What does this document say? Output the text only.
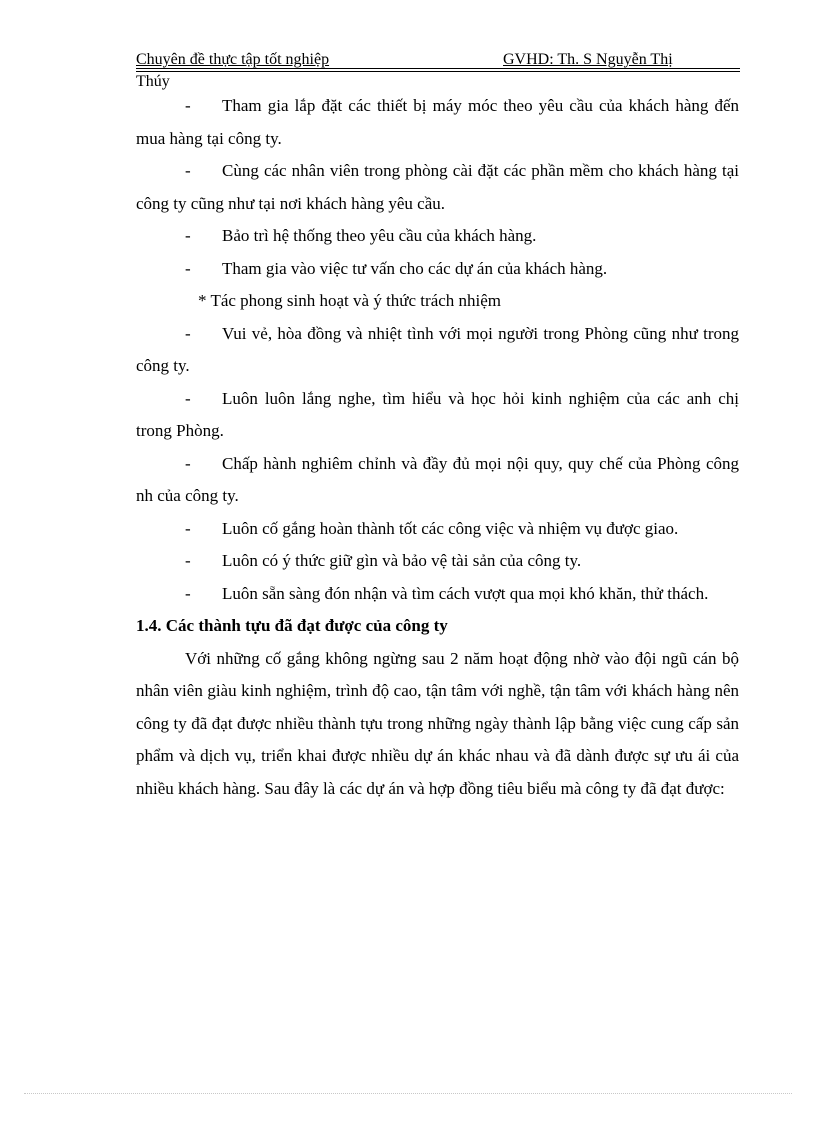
Chuyên đề thực tập tốt nghiệp	GVHD: Th. S Nguyễn Thị
Thúy

- Tham gia lắp đặt các thiết bị máy móc theo yêu cầu của khách hàng đến mua hàng tại công ty.

- Cùng các nhân viên trong phòng cài đặt các phần mềm cho khách hàng tại công ty cũng như tại nơi khách hàng yêu cầu.

- Bảo trì hệ thống theo yêu cầu của khách hàng.

- Tham gia vào việc tư vấn cho các dự án của khách hàng.

* Tác phong sinh hoạt và ý thức trách nhiệm

- Vui vẻ, hòa đồng và nhiệt tình với mọi người trong Phòng cũng như trong công ty.

- Luôn luôn lắng nghe, tìm hiểu và học hỏi kinh nghiệm của các anh chị trong Phòng.

- Chấp hành nghiêm chỉnh và đầy đủ mọi nội quy, quy chế của Phòng công nh của công ty.

- Luôn cố gắng hoàn thành tốt các công việc và nhiệm vụ được giao.

- Luôn có ý thức giữ gìn và bảo vệ tài sản của công ty.

- Luôn sẵn sàng đón nhận và tìm cách vượt qua mọi khó khăn, thử thách.

1.4. Các thành tựu đã đạt được của công ty

Với những cố gắng không ngừng sau 2 năm hoạt động nhờ vào đội ngũ cán bộ nhân viên giàu kinh nghiệm, trình độ cao, tận tâm với nghề, tận tâm với khách hàng nên công ty đã đạt được nhiều thành tựu trong những ngày thành lập bằng việc cung cấp sản phẩm và dịch vụ, triển khai được nhiều dự án khác nhau và đã dành được sự ưu ái của nhiều khách hàng. Sau đây là các dự án và hợp đồng tiêu biểu mà công ty đã đạt được:
